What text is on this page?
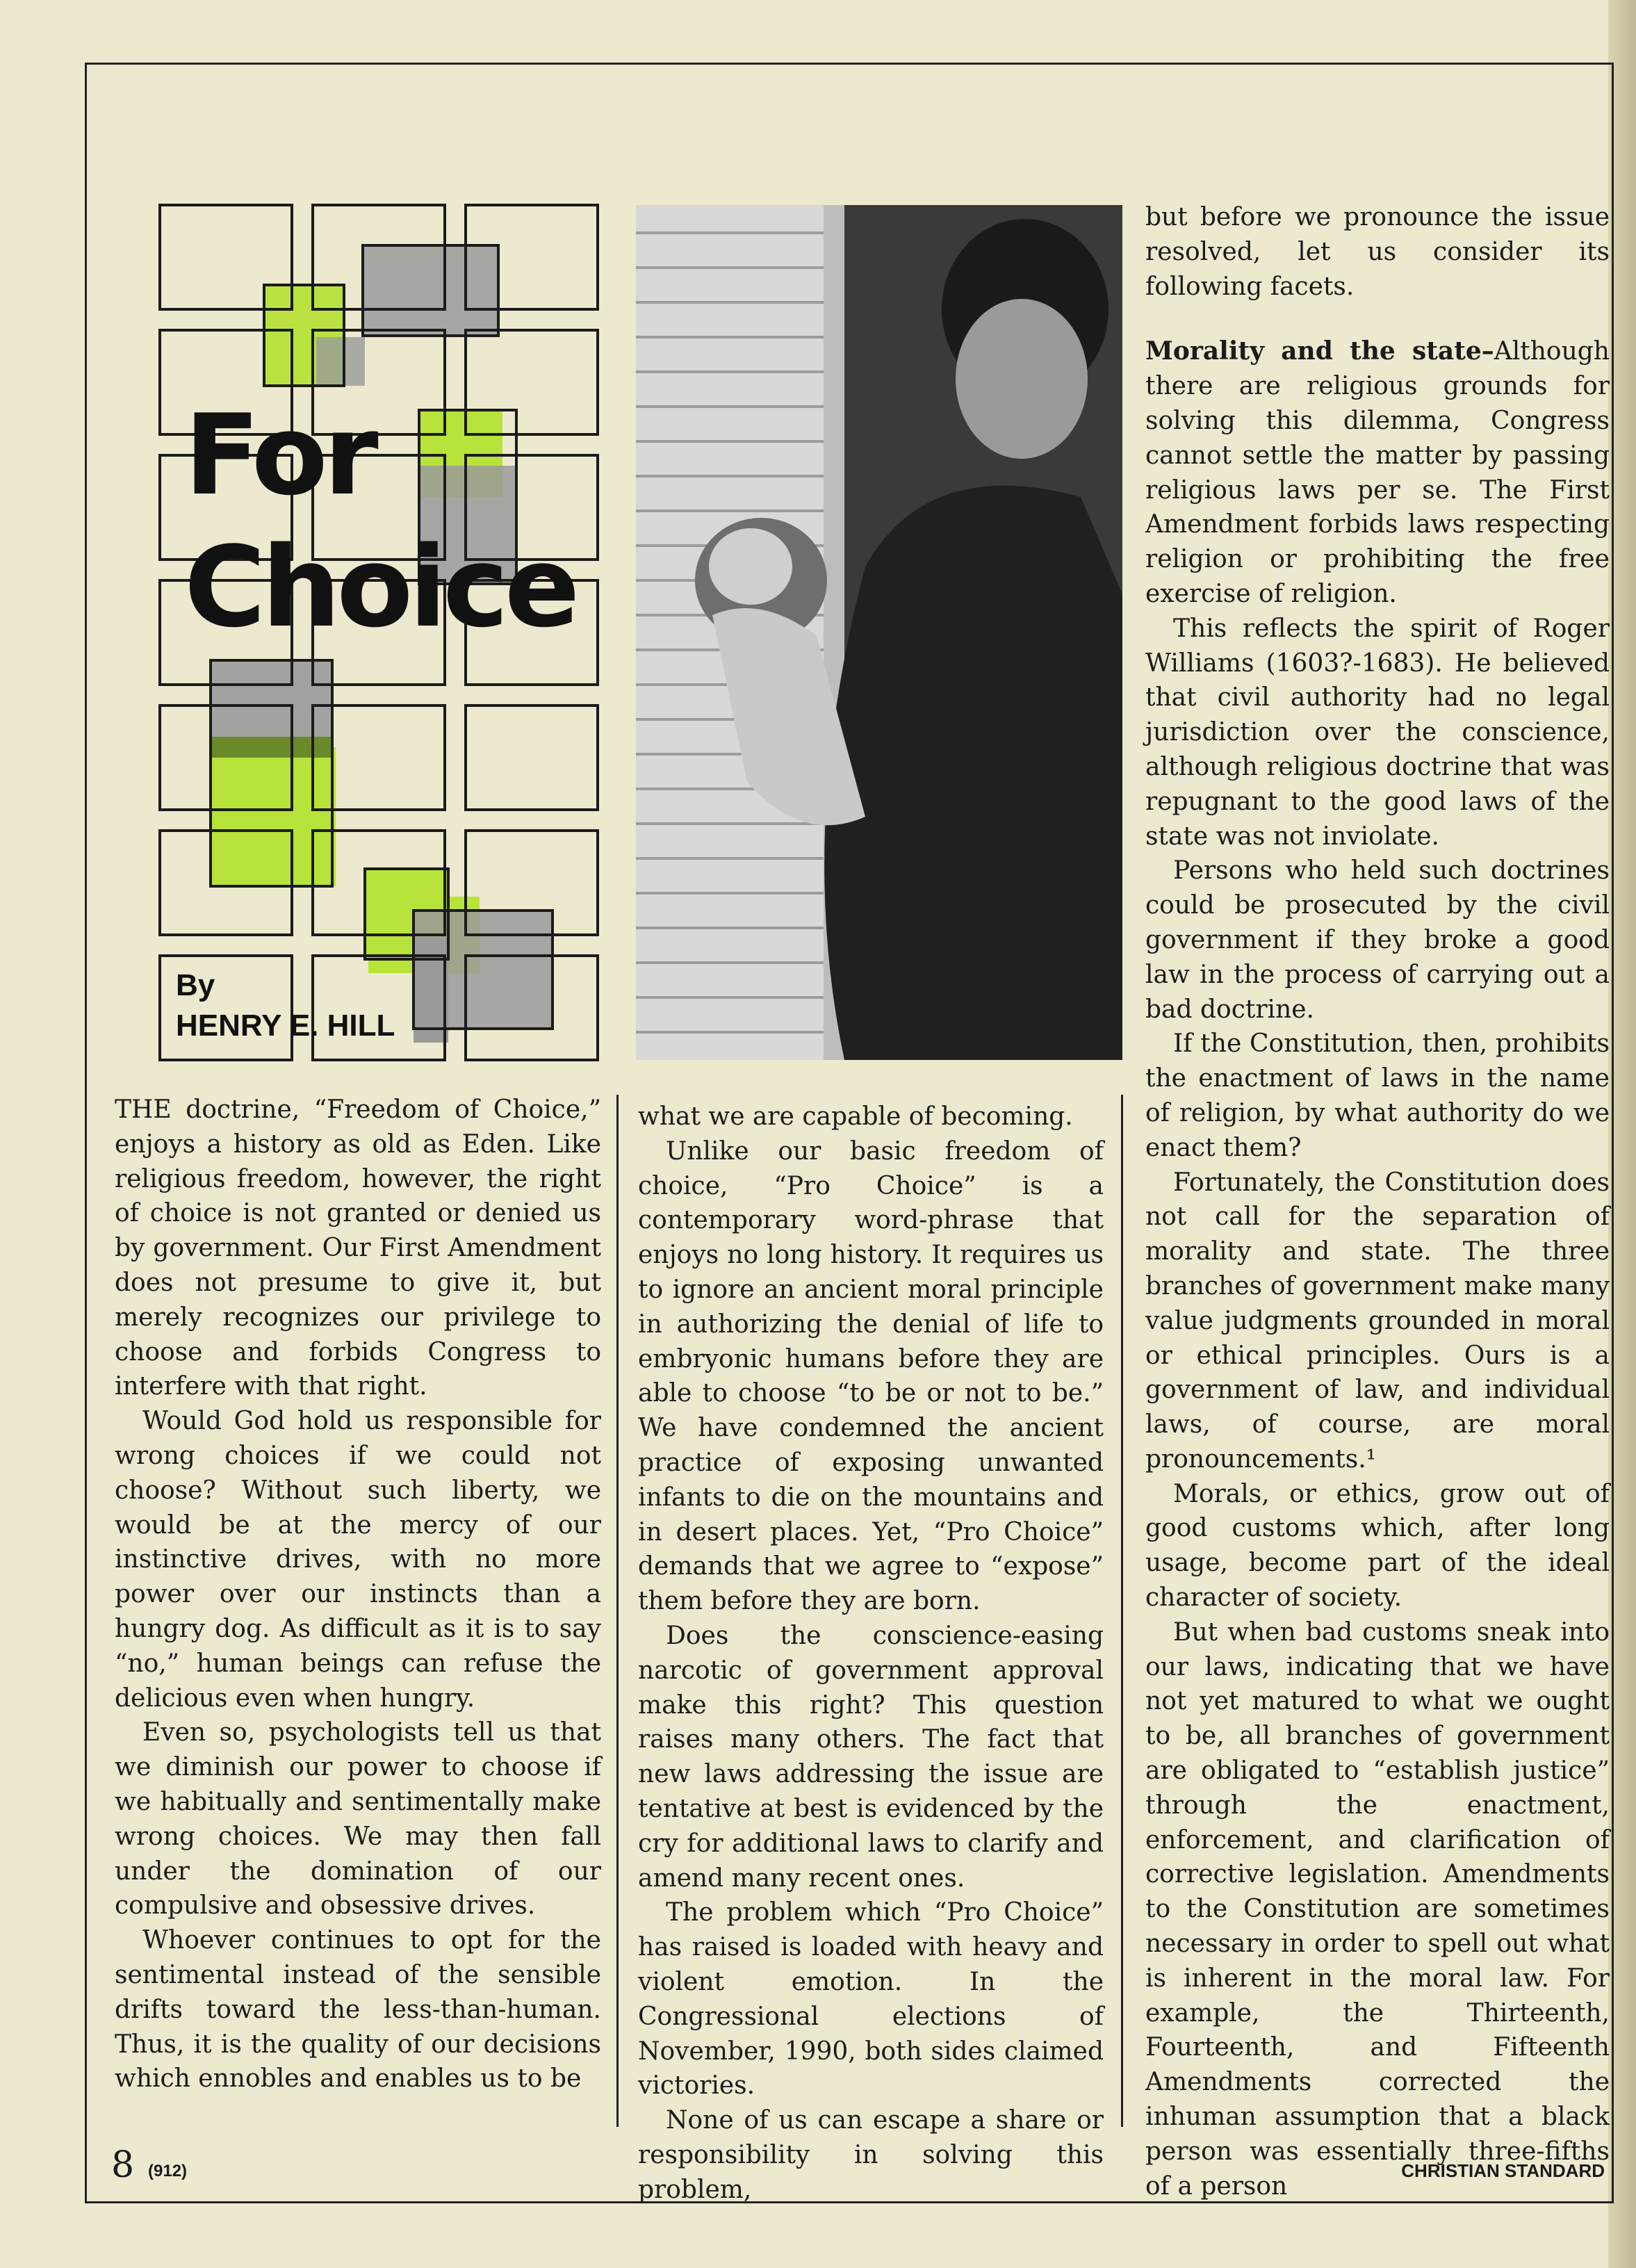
For
Choice
By
HENRY E. HILL

THE doctrine, “Freedom of Choice,” enjoys a history as old as Eden. Like religious freedom, however, the right of choice is not granted or denied us by government. Our First Amendment does not presume to give it, but merely recognizes our privilege to choose and forbids Congress to interfere with that right.

Would God hold us responsible for wrong choices if we could not choose? Without such liberty, we would be at the mercy of our instinctive drives, with no more power over our instincts than a hungry dog. As difficult as it is to say “no,” human beings can refuse the delicious even when hungry.

Even so, psychologists tell us that we diminish our power to choose if we habitually and sentimentally make wrong choices. We may then fall under the domination of our compulsive and obsessive drives.

Whoever continues to opt for the sentimental instead of the sensible drifts toward the less-than-human. Thus, it is the quality of our decisions which ennobles and enables us to be

what we are capable of becoming.

Unlike our basic freedom of choice, “Pro Choice” is a contemporary word-phrase that enjoys no long history. It requires us to ignore an ancient moral principle in authorizing the denial of life to embryonic humans before they are able to choose “to be or not to be.” We have condemned the ancient practice of exposing unwanted infants to die on the mountains and in desert places. Yet, “Pro Choice” demands that we agree to “expose” them before they are born.

Does the conscience-easing narcotic of government approval make this right? This question raises many others. The fact that new laws addressing the issue are tentative at best is evidenced by the cry for additional laws to clarify and amend many recent ones.

The problem which “Pro Choice” has raised is loaded with heavy and violent emotion. In the Congressional elections of November, 1990, both sides claimed victories.

None of us can escape a share or responsibility in solving this problem,

but before we pronounce the issue resolved, let us consider its following facets.

Morality and the state–Although there are religious grounds for solving this dilemma, Congress cannot settle the matter by passing religious laws per se. The First Amendment forbids laws respecting religion or prohibiting the free exercise of religion.

This reflects the spirit of Roger Williams (1603?-1683). He believed that civil authority had no legal jurisdiction over the conscience, although religious doctrine that was repugnant to the good laws of the state was not inviolate.

Persons who held such doctrines could be prosecuted by the civil government if they broke a good law in the process of carrying out a bad doctrine.

If the Constitution, then, prohibits the enactment of laws in the name of religion, by what authority do we enact them?

Fortunately, the Constitution does not call for the separation of morality and state. The three branches of government make many value judgments grounded in moral or ethical principles. Ours is a government of law, and individual laws, of course, are moral pronouncements.¹

Morals, or ethics, grow out of good customs which, after long usage, become part of the ideal character of society.

But when bad customs sneak into our laws, indicating that we have not yet matured to what we ought to be, all branches of government are obligated to “establish justice” through the enactment, enforcement, and clarification of corrective legislation. Amendments to the Constitution are sometimes necessary in order to spell out what is inherent in the moral law. For example, the Thirteenth, Fourteenth, and Fifteenth Amendments corrected the inhuman assumption that a black person was essentially three-fifths of a person

8 (912)	CHRISTIAN STANDARD
